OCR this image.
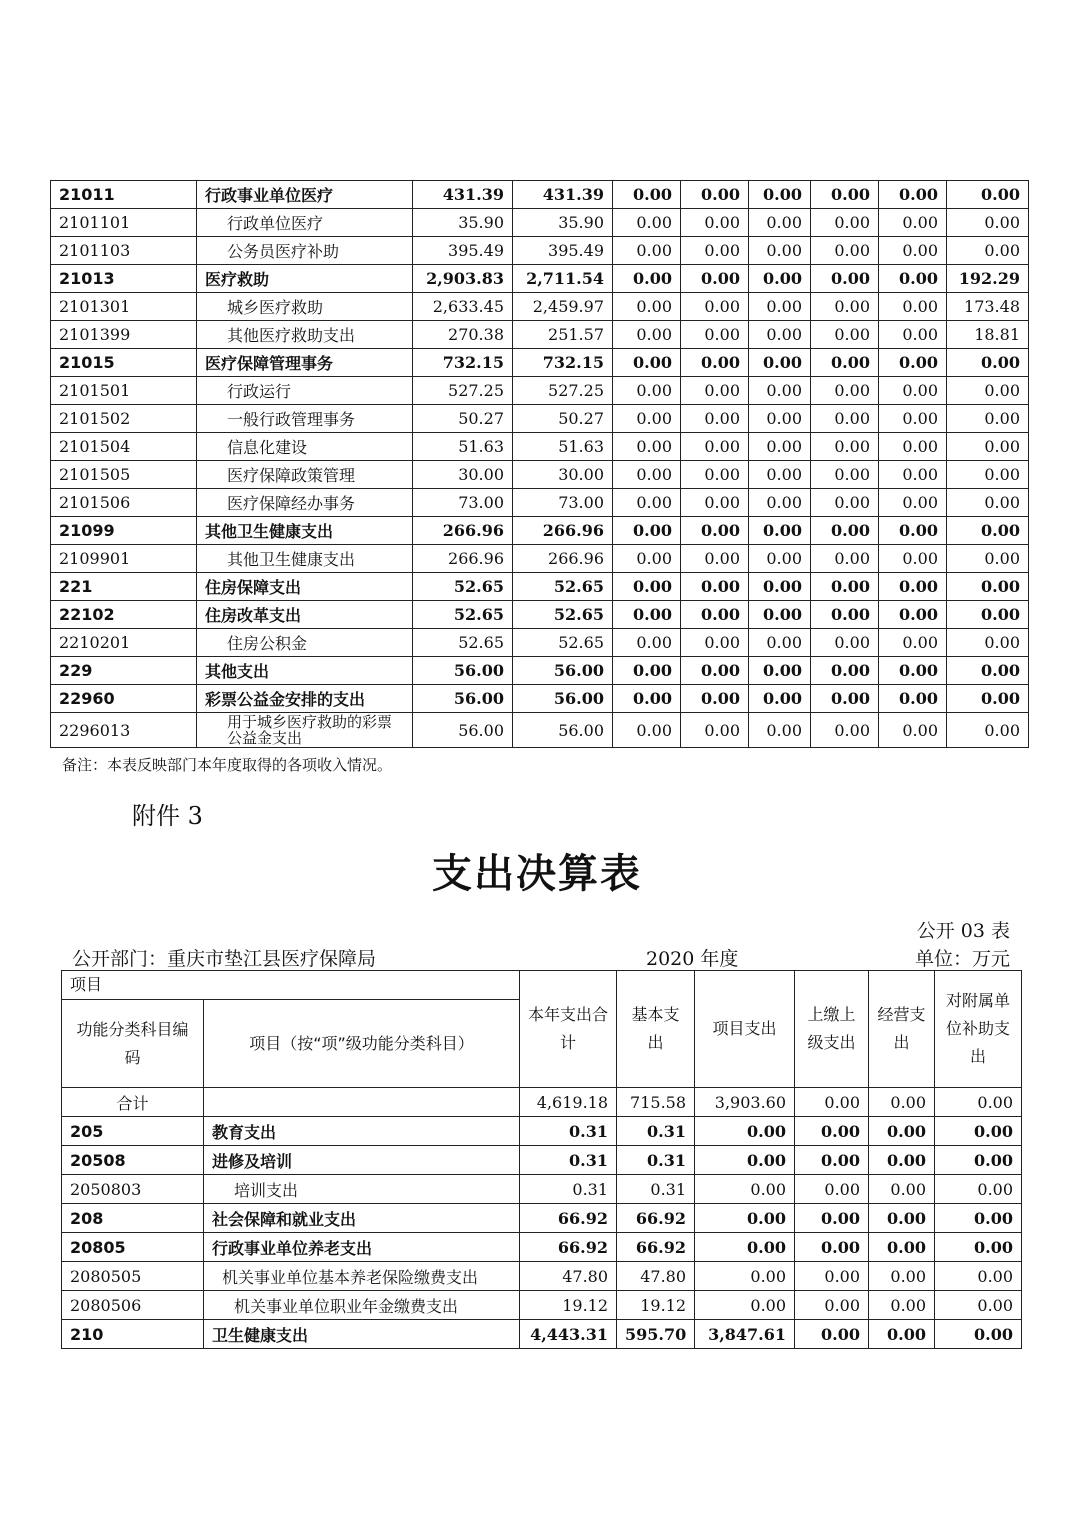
21011	行政事业单位医疗	431.39	431.39	0.00	0.00	0.00	0.00	0.00	0.00
2101101	行政单位医疗	35.90	35.90	0.00	0.00	0.00	0.00	0.00	0.00
2101103	公务员医疗补助	395.49	395.49	0.00	0.00	0.00	0.00	0.00	0.00
21013	医疗救助	2,903.83	2,711.54	0.00	0.00	0.00	0.00	0.00	192.29
2101301	城乡医疗救助	2,633.45	2,459.97	0.00	0.00	0.00	0.00	0.00	173.48
2101399	其他医疗救助支出	270.38	251.57	0.00	0.00	0.00	0.00	0.00	18.81
21015	医疗保障管理事务	732.15	732.15	0.00	0.00	0.00	0.00	0.00	0.00
2101501	行政运行	527.25	527.25	0.00	0.00	0.00	0.00	0.00	0.00
2101502	一般行政管理事务	50.27	50.27	0.00	0.00	0.00	0.00	0.00	0.00
2101504	信息化建设	51.63	51.63	0.00	0.00	0.00	0.00	0.00	0.00
2101505	医疗保障政策管理	30.00	30.00	0.00	0.00	0.00	0.00	0.00	0.00
2101506	医疗保障经办事务	73.00	73.00	0.00	0.00	0.00	0.00	0.00	0.00
21099	其他卫生健康支出	266.96	266.96	0.00	0.00	0.00	0.00	0.00	0.00
2109901	其他卫生健康支出	266.96	266.96	0.00	0.00	0.00	0.00	0.00	0.00
221	住房保障支出	52.65	52.65	0.00	0.00	0.00	0.00	0.00	0.00
22102	住房改革支出	52.65	52.65	0.00	0.00	0.00	0.00	0.00	0.00
2210201	住房公积金	52.65	52.65	0.00	0.00	0.00	0.00	0.00	0.00
229	其他支出	56.00	56.00	0.00	0.00	0.00	0.00	0.00	0.00
22960	彩票公益金安排的支出	56.00	56.00	0.00	0.00	0.00	0.00	0.00	0.00
2296013	用于城乡医疗救助的彩票公益金支出	56.00	56.00	0.00	0.00	0.00	0.00	0.00	0.00
备注：本表反映部门本年度取得的各项收入情况。
附件 3
支出决算表
公开 03 表
公开部门：重庆市垫江县医疗保障局	2020 年度	单位：万元
项目		本年支出合计	基本支出	项目支出	上缴上级支出	经营支出	对附属单位补助支出
功能分类科目编码	项目（按“项”级功能分类科目）						
合计		4,619.18	715.58	3,903.60	0.00	0.00	0.00
205	教育支出	0.31	0.31	0.00	0.00	0.00	0.00
20508	进修及培训	0.31	0.31	0.00	0.00	0.00	0.00
2050803	培训支出	0.31	0.31	0.00	0.00	0.00	0.00
208	社会保障和就业支出	66.92	66.92	0.00	0.00	0.00	0.00
20805	行政事业单位养老支出	66.92	66.92	0.00	0.00	0.00	0.00
2080505	机关事业单位基本养老保险缴费支出	47.80	47.80	0.00	0.00	0.00	0.00
2080506	机关事业单位职业年金缴费支出	19.12	19.12	0.00	0.00	0.00	0.00
210	卫生健康支出	4,443.31	595.70	3,847.61	0.00	0.00	0.00
